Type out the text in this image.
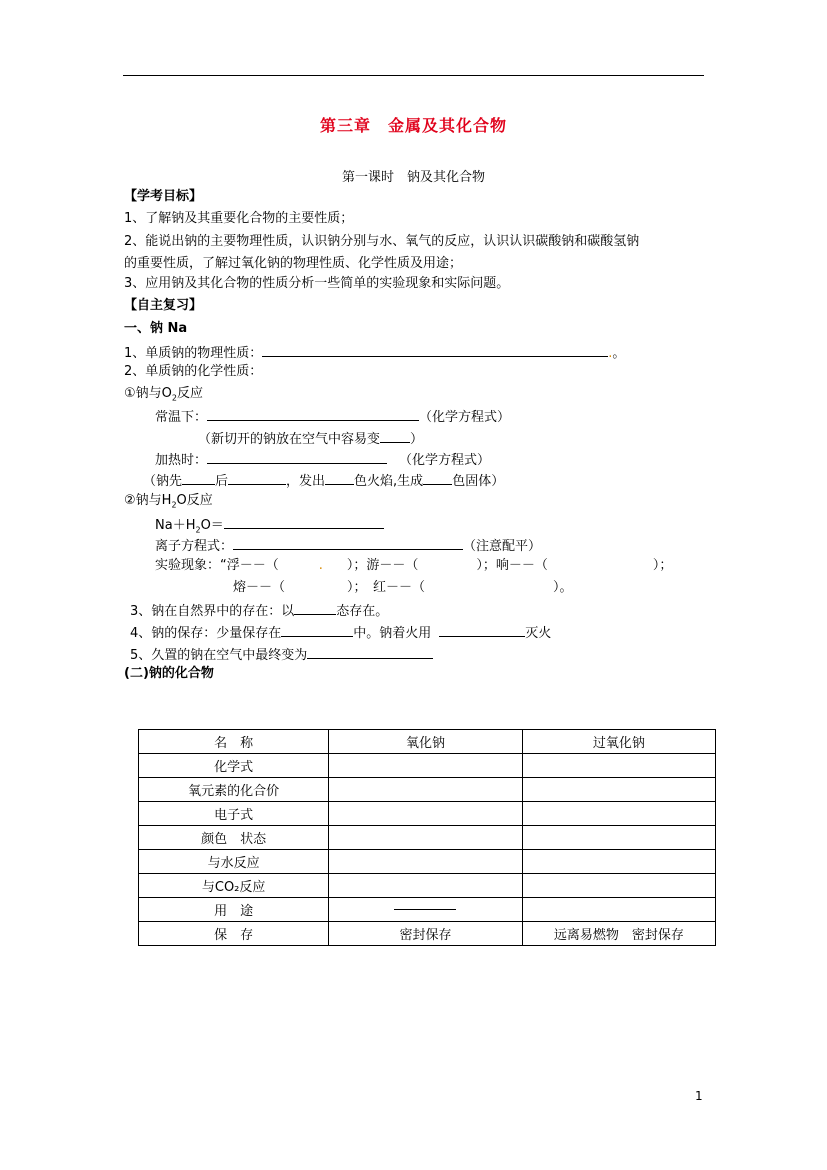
第三章　金属及其化合物
第一课时　钠及其化合物
【学考目标】
1、了解钠及其重要化合物的主要性质；
2、能说出钠的主要物理性质，认识钠分别与水、氧气的反应，认识认识碳酸钠和碳酸氢钠
的重要性质，了解过氧化钠的物理性质、化学性质及用途；
3、应用钠及其化合物的性质分析一些简单的实验现象和实际问题。
【自主复习】
一、钠 Na
1、单质钠的物理性质：	.。
2、单质钠的化学性质：
①钠与$O_2$反应
常温下：	（化学方程式）
（新切开的钠放在空气中容易变 ）
加热时：	（化学方程式）
（钠先	后	，发出 色火焰,生成 色固体）
②钠与$H_2O$反应
$Na+H_2O=$
离子方程式：	（注意配平）
实验现象：“浮－－（	. ）；游－－（	）；响－－（	）；
熔－－（	）；　红－－（	）。
3、钠在自然界中的存在：以	态存在。
4、钠的保存：少量保存在	中。钠着火用	灭火
5、久置的钠在空气中最终变为
(二)钠的化合物
名　称	氧化钠	过氧化钠
化学式		
氧元素的化合价		
电子式		
颜色　状态		
与水反应		
与CO₂反应		
用　途		
保　存	密封保存	远离易燃物　密封保存
1
